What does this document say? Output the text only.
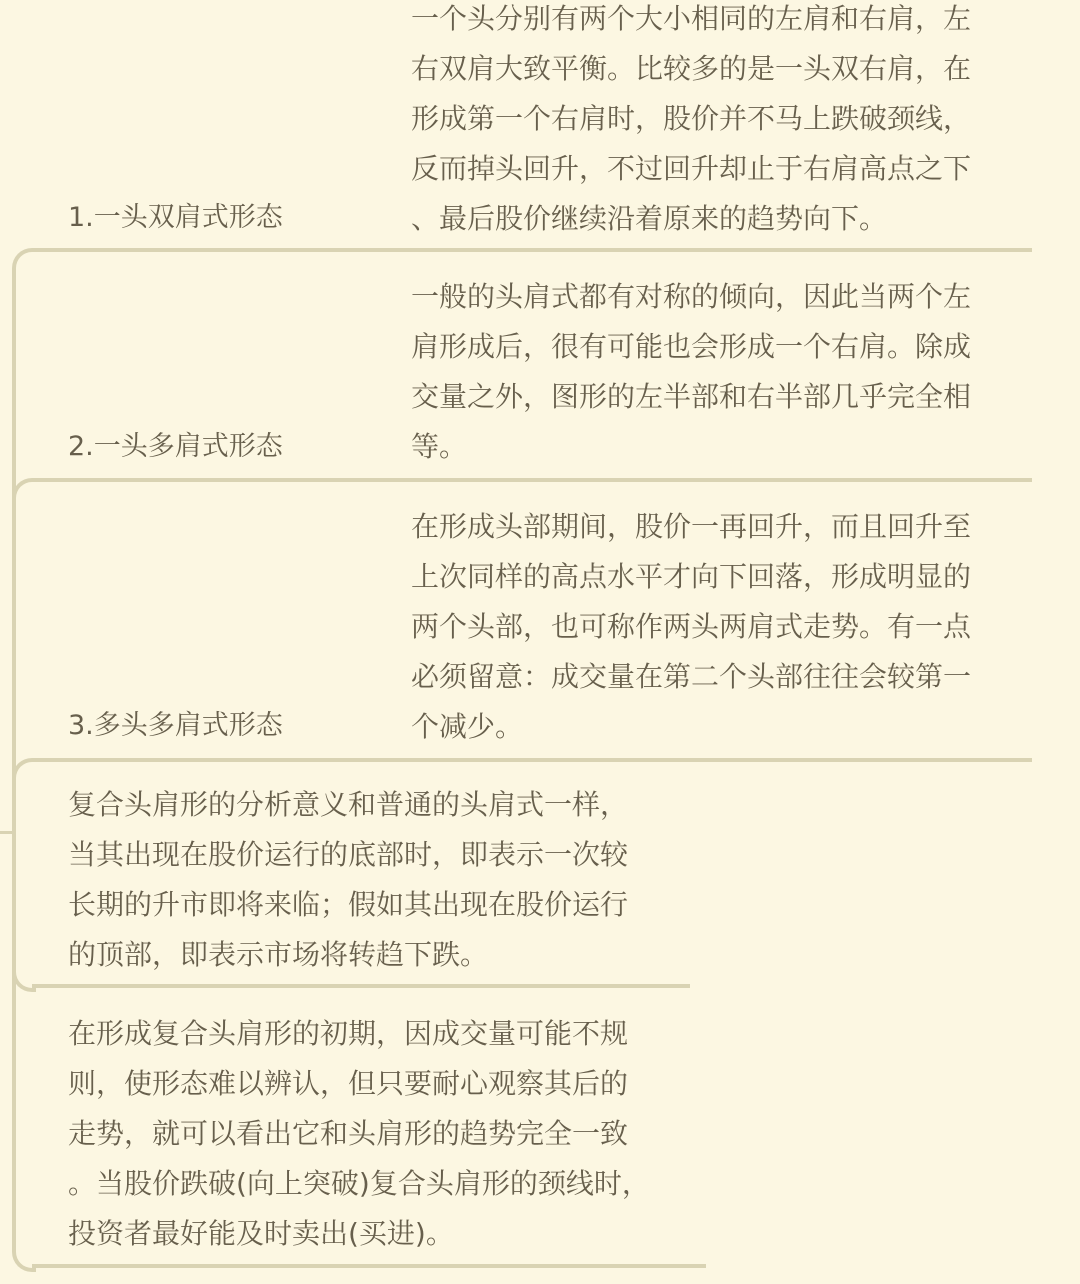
1.一头双肩式形态

一个头分别有两个大小相同的左肩和右肩，左

右双肩大致平衡。比较多的是一头双右肩，在

形成第一个右肩时，股价并不马上跌破颈线，

反而掉头回升，不过回升却止于右肩高点之下

、最后股价继续沿着原来的趋势向下。

2.一头多肩式形态

一般的头肩式都有对称的倾向，因此当两个左

肩形成后，很有可能也会形成一个右肩。除成

交量之外，图形的左半部和右半部几乎完全相

等。

3.多头多肩式形态

在形成头部期间，股价一再回升，而且回升至

上次同样的高点水平才向下回落，形成明显的

两个头部，也可称作两头两肩式走势。有一点

必须留意：成交量在第二个头部往往会较第一

个减少。

复合头肩形的分析意义和普通的头肩式一样，

当其出现在股价运行的底部时，即表示一次较

长期的升市即将来临；假如其出现在股价运行

的顶部，即表示市场将转趋下跌。

在形成复合头肩形的初期，因成交量可能不规

则，使形态难以辨认，但只要耐心观察其后的

走势，就可以看出它和头肩形的趋势完全一致

。当股价跌破(向上突破)复合头肩形的颈线时，

投资者最好能及时卖出(买进)。
